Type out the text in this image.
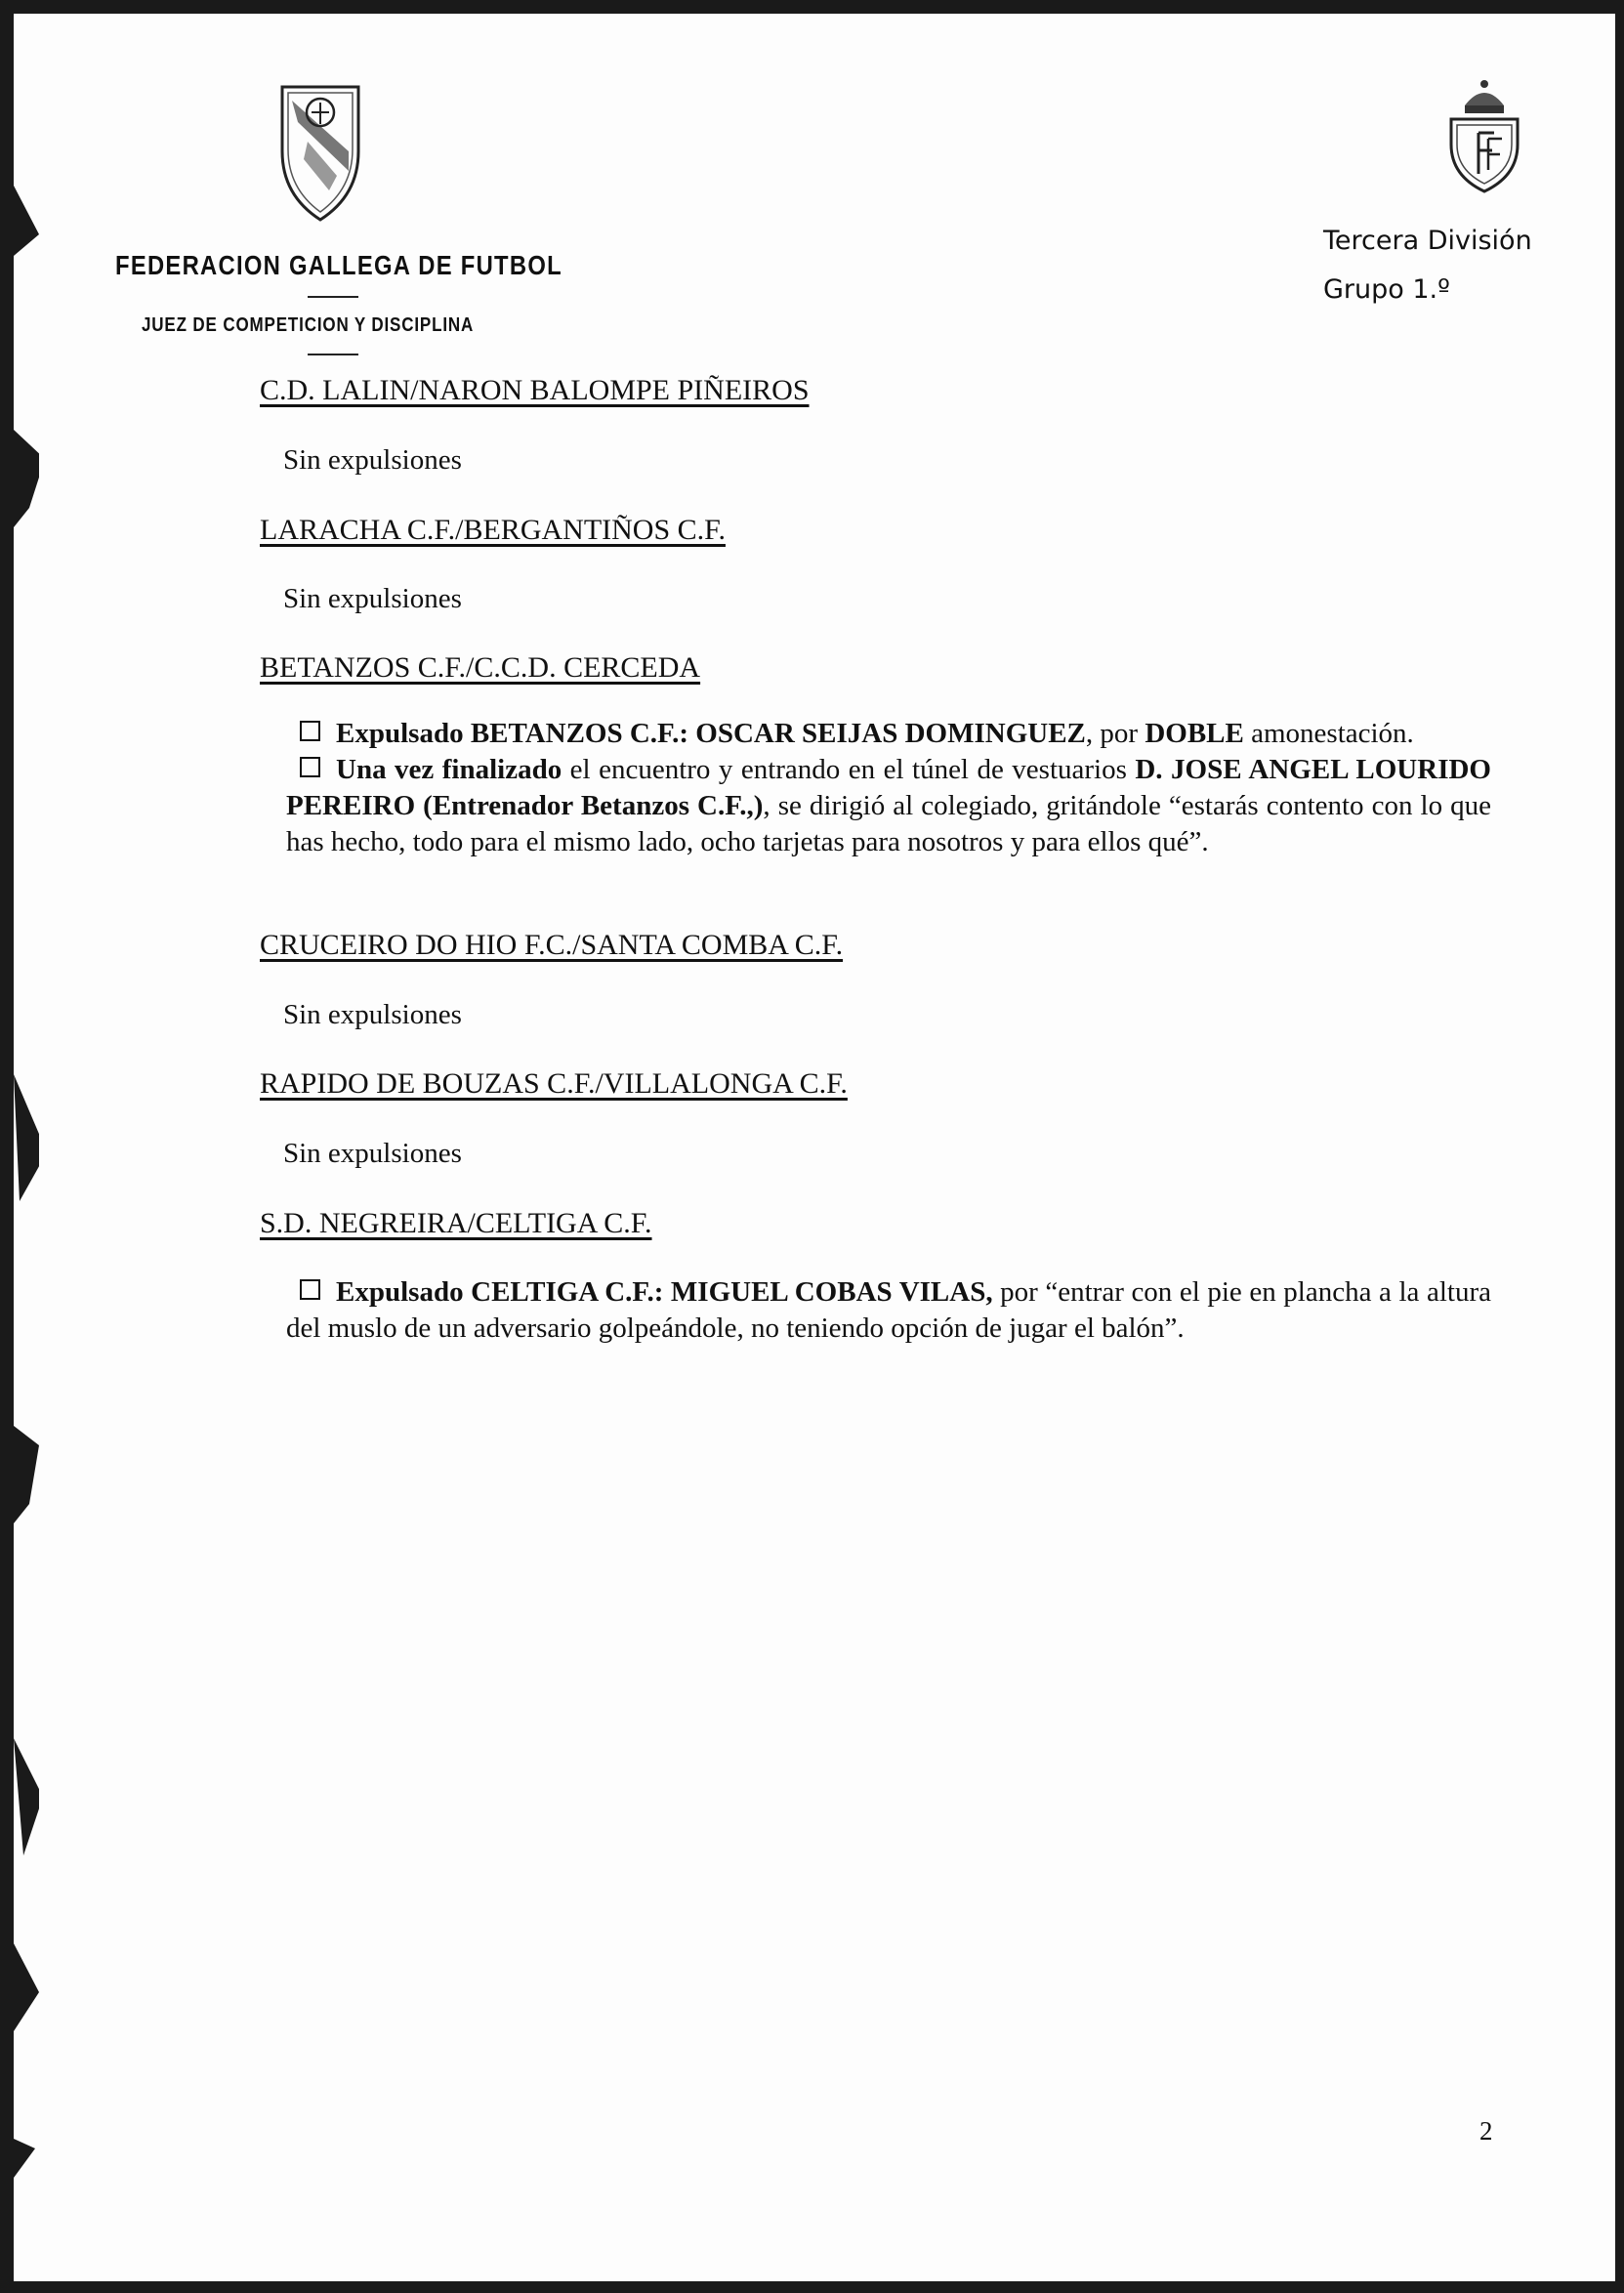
FEDERACION GALLEGA DE FUTBOL
JUEZ DE COMPETICION Y DISCIPLINA
Tercera División
Grupo 1.º
C.D. LALIN/NARON BALOMPE PIÑEIROS
Sin expulsiones
LARACHA C.F./BERGANTIÑOS C.F.
Sin expulsiones
BETANZOS C.F./C.C.D. CERCEDA
Expulsado BETANZOS C.F.: OSCAR SEIJAS DOMINGUEZ, por DOBLE amonestación.
Una vez finalizado el encuentro y entrando en el túnel de vestuarios D. JOSE ANGEL LOURIDO PEREIRO (Entrenador Betanzos C.F.,), se dirigió al colegiado, gritándole “estarás contento con lo que has hecho, todo para el mismo lado, ocho tarjetas para nosotros y para ellos qué”.
CRUCEIRO DO HIO F.C./SANTA COMBA C.F.
Sin expulsiones
RAPIDO DE BOUZAS C.F./VILLALONGA C.F.
Sin expulsiones
S.D. NEGREIRA/CELTIGA C.F.
Expulsado CELTIGA C.F.: MIGUEL COBAS VILAS, por “entrar con el pie en plancha a la altura del muslo de un adversario golpeándole, no teniendo opción de jugar el balón”.
2
